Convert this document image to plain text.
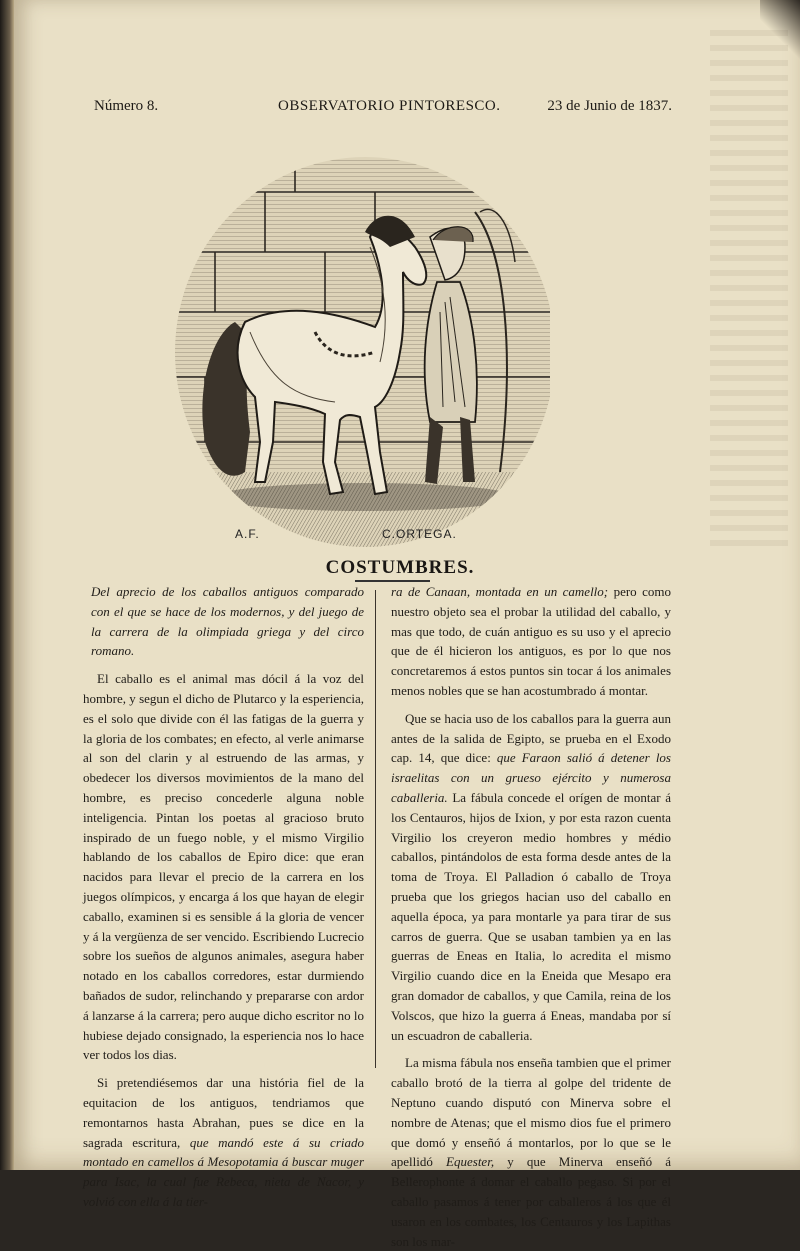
Número 8.	OBSERVATORIO PINTORESCO.	23 de Junio de 1837.
A.F.	C.ORTEGA.
COSTUMBRES.

Del aprecio de los caballos antiguos comparado con el que se hace de los modernos, y del juego de la carrera de la olimpiada griega y del circo romano.

El caballo es el animal mas dócil á la voz del hombre, y segun el dicho de Plutarco y la esperiencia, es el solo que divide con él las fatigas de la guerra y la gloria de los combates; en efecto, al verle animarse al son del clarin y al estruendo de las armas, y obedecer los diversos movimientos de la mano del hombre, es preciso concederle alguna noble inteligencia. Pintan los poetas al gracioso bruto inspirado de un fuego noble, y el mismo Virgilio hablando de los caballos de Epiro dice: que eran nacidos para llevar el precio de la carrera en los juegos olímpicos, y encarga á los que hayan de elegir caballo, examinen si es sensible á la gloria de vencer y á la vergüenza de ser vencido. Escribiendo Lucrecio sobre los sueños de algunos animales, asegura haber notado en los caballos corredores, estar durmiendo bañados de sudor, relinchando y prepararse con ardor á lanzarse á la carrera; pero auque dicho escritor no lo hubiese dejado consignado, la esperiencia nos lo hace ver todos los dias.

Si pretendiésemos dar una história fiel de la equitacion de los antiguos, tendriamos que remontarnos hasta Abrahan, pues se dice en la sagrada escritura, que mandó este á su criado montado en camellos á Mesopotamia á buscar muger para Isac, la cual fue Rebeca, nieta de Nacor, y volvió con ella á la tier-

ra de Canaan, montada en un camello; pero como nuestro objeto sea el probar la utilidad del caballo, y mas que todo, de cuán antiguo es su uso y el aprecio que de él hicieron los antiguos, es por lo que nos concretaremos á estos puntos sin tocar á los animales menos nobles que se han acostumbrado á montar.

Que se hacia uso de los caballos para la guerra aun antes de la salida de Egipto, se prueba en el Exodo cap. 14, que dice: que Faraon salió á detener los israelitas con un grueso ejército y numerosa caballeria. La fábula concede el orígen de montar á los Centauros, hijos de Ixion, y por esta razon cuenta Virgilio los creyeron medio hombres y médio caballos, pintándolos de esta forma desde antes de la toma de Troya. El Palladion ó caballo de Troya prueba que los griegos hacian uso del caballo en aquella época, ya para montarle ya para tirar de sus carros de guerra. Que se usaban tambien ya en las guerras de Eneas en Italia, lo acredita el mismo Virgilio cuando dice en la Eneida que Mesapo era gran domador de caballos, y que Camila, reina de los Volscos, que hizo la guerra á Eneas, mandaba por sí un escuadron de caballeria.

La misma fábula nos enseña tambien que el primer caballo brotó de la tierra al golpe del tridente de Neptuno cuando disputó con Minerva sobre el nombre de Atenas; que el mismo dios fue el primero que domó y enseñó á montarlos, por lo que se le apellidó Equester, y que Minerva enseñó á Bellerophonte á domar el caballo pegaso. Si por el caballo pasamos á tener por caballeros á los que él usaron en los combates, los Centauros y los Lapithas son los mar-
